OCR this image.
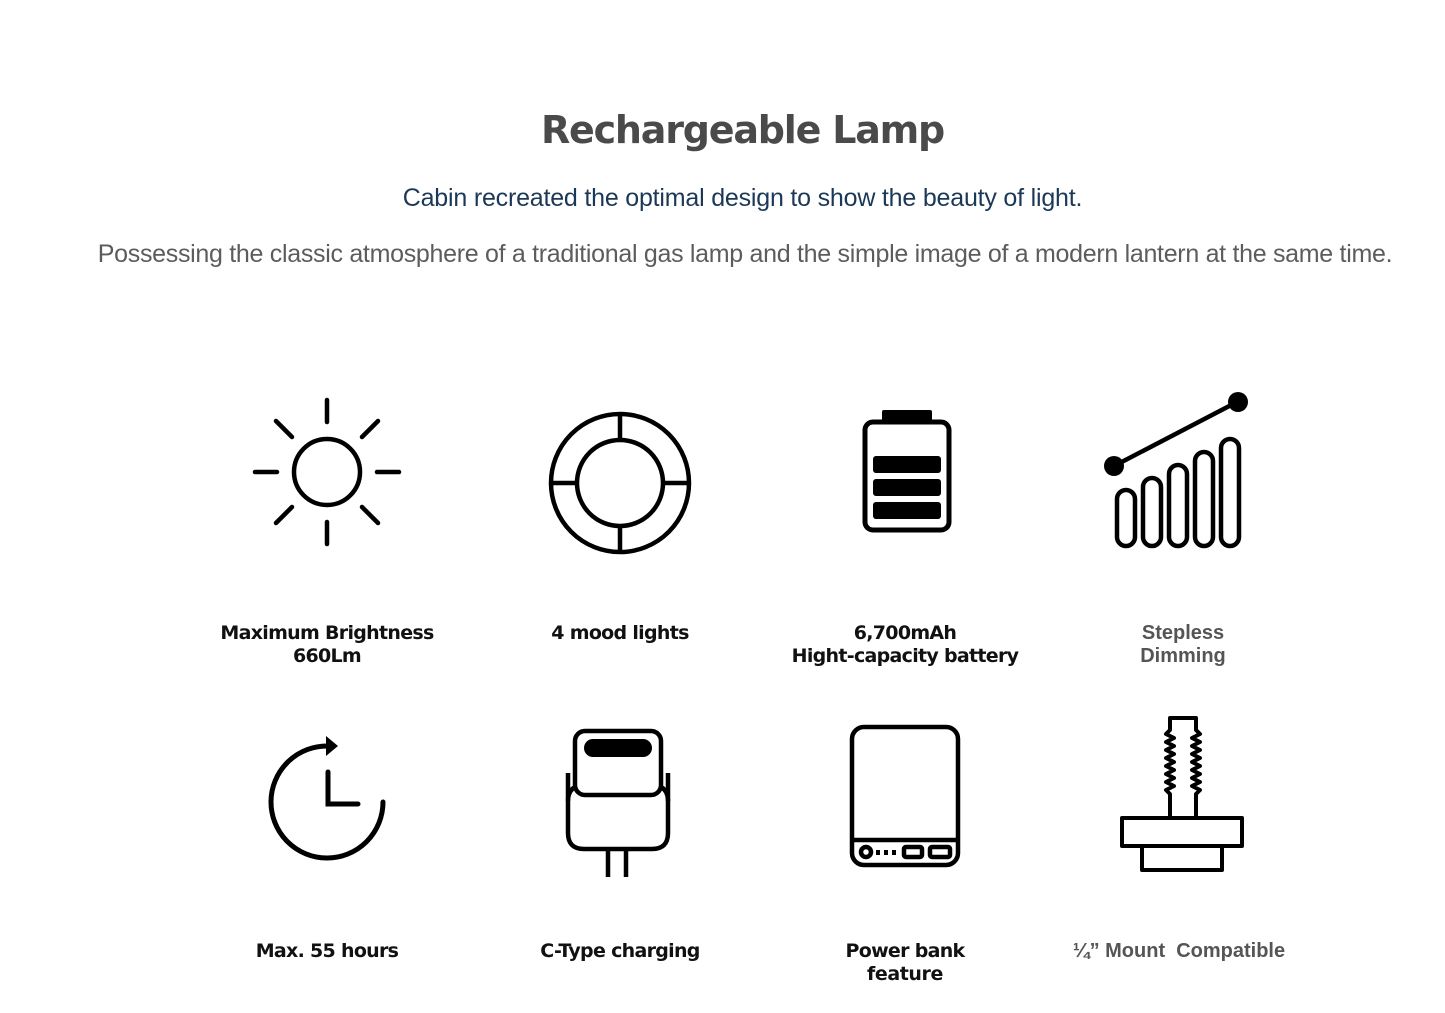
Rechargeable Lamp
Cabin recreated the optimal design to show the beauty of light.
Possessing the classic atmosphere of a traditional gas lamp and the simple image of a modern lantern at the same time.
Maximum Brightness
660Lm
4 mood lights	6,700mAh
Hight-capacity battery
Stepless
Dimming
Max. 55 hours	C-Type charging	Power bank
feature
¼” Mount  Compatible
